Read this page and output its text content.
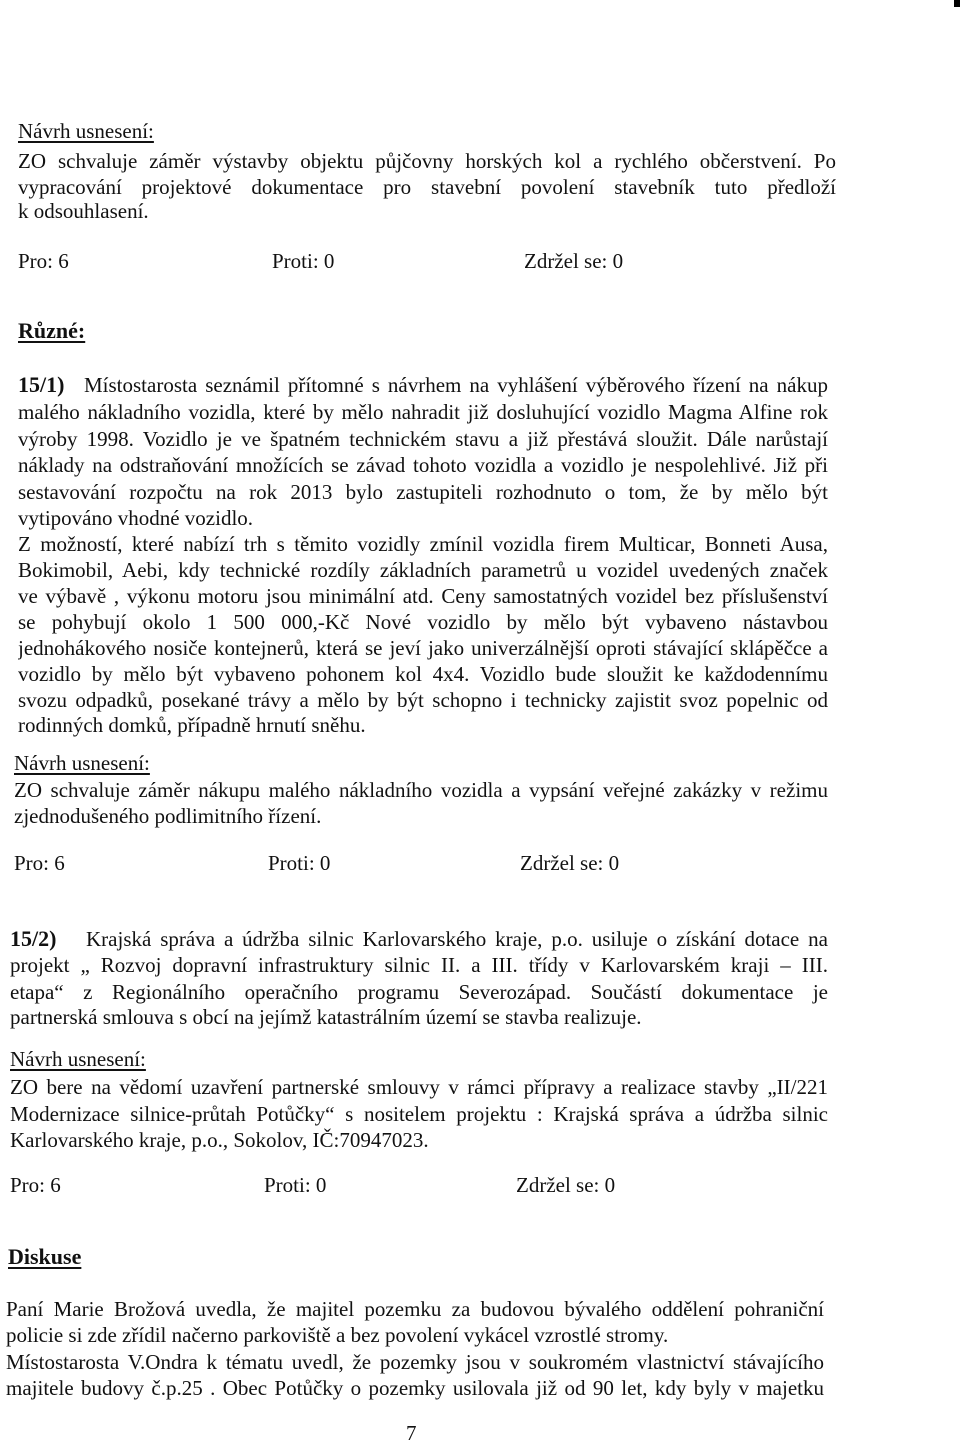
Návrh usnesení:
ZO schvaluje záměr výstavby objektu půjčovny horských kol a rychlého občerstvení. Po
vypracování projektové dokumentace pro stavební povolení stavebník tuto předloží
k odsouhlasení.
Pro: 6	Proti: 0	Zdržel se: 0
Různé:
15/1) Místostarosta seznámil přítomné s návrhem na vyhlášení výběrového řízení na nákup
malého nákladního vozidla, které by mělo nahradit již dosluhující vozidlo Magma Alfine rok
výroby 1998. Vozidlo je ve špatném technickém stavu a již přestává sloužit. Dále narůstají
náklady na odstraňování množících se závad tohoto vozidla a vozidlo je nespolehlivé. Již při
sestavování rozpočtu na rok 2013 bylo zastupiteli rozhodnuto o tom, že by mělo být
vytipováno vhodné vozidlo.
Z možností, které nabízí trh s těmito vozidly zmínil vozidla firem Multicar, Bonneti Ausa,
Bokimobil, Aebi, kdy technické rozdíly základních parametrů u vozidel uvedených značek
ve výbavě , výkonu motoru jsou minimální atd. Ceny samostatných vozidel bez příslušenství
se pohybují okolo 1 500 000,-Kč Nové vozidlo by mělo být vybaveno nástavbou
jednohákového nosiče kontejnerů, která se jeví jako univerzálnější oproti stávající sklápěčce a
vozidlo by mělo být vybaveno pohonem kol 4x4. Vozidlo bude sloužit ke každodennímu
svozu odpadků, posekané trávy a mělo by být schopno i technicky zajistit svoz popelnic od
rodinných domků, případně hrnutí sněhu.
Návrh usnesení:
ZO schvaluje záměr nákupu malého nákladního vozidla a vypsání veřejné zakázky v režimu
zjednodušeného podlimitního řízení.
Pro: 6	Proti: 0	Zdržel se: 0
15/2) Krajská správa a údržba silnic Karlovarského kraje, p.o. usiluje o získání dotace na
projekt „ Rozvoj dopravní infrastruktury silnic II. a III. třídy v Karlovarském kraji – III.
etapa“ z Regionálního operačního programu Severozápad. Součástí dokumentace je
partnerská smlouva s obcí na jejímž katastrálním území se stavba realizuje.
Návrh usnesení:
ZO bere na vědomí uzavření partnerské smlouvy v rámci přípravy a realizace stavby „II/221
Modernizace silnice-průtah Potůčky“ s nositelem projektu : Krajská správa a údržba silnic
Karlovarského kraje, p.o., Sokolov, IČ:70947023.
Pro: 6	Proti: 0	Zdržel se: 0
Diskuse
Paní Marie Brožová uvedla, že majitel pozemku za budovou bývalého oddělení pohraniční
policie si zde zřídil načerno parkoviště a bez povolení vykácel vzrostlé stromy.
Místostarosta V.Ondra k tématu uvedl, že pozemky jsou v soukromém vlastnictví stávajícího
majitele budovy č.p.25 . Obec Potůčky o pozemky usilovala již od 90 let, kdy byly v majetku
7
